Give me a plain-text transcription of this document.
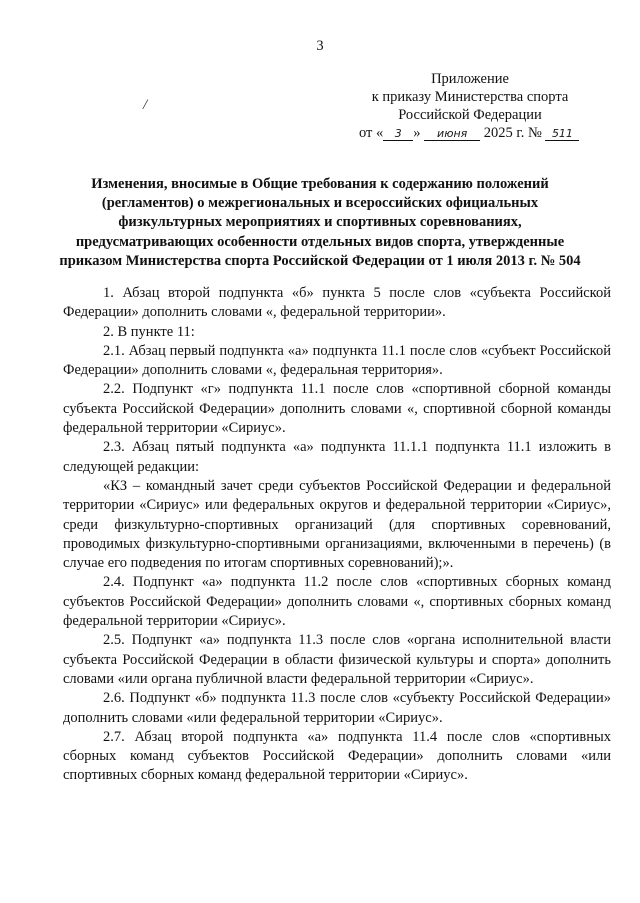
3
/
Приложение
к приказу Министерства спорта
Российской Федерации
от « 3 » июня 2025 г. № 511
Изменения, вносимые в Общие требования к содержанию положений
(регламентов) о межрегиональных и всероссийских официальных
физкультурных мероприятиях и спортивных соревнованиях,
предусматривающих особенности отдельных видов спорта, утвержденные
приказом Министерства спорта Российской Федерации от 1 июля 2013 г. № 504

1. Абзац второй подпункта «б» пункта 5 после слов «субъекта Российской Федерации» дополнить словами «, федеральной территории».

2. В пункте 11:

2.1. Абзац первый подпункта «а» подпункта 11.1 после слов «субъект Российской Федерации» дополнить словами «, федеральная территория».

2.2. Подпункт «г» подпункта 11.1 после слов «спортивной сборной команды субъекта Российской Федерации» дополнить словами «, спортивной сборной команды федеральной территории «Сириус».

2.3. Абзац пятый подпункта «а» подпункта 11.1.1 подпункта 11.1 изложить в следующей редакции:

«КЗ – командный зачет среди субъектов Российской Федерации и федеральной территории «Сириус» или федеральных округов и федеральной территории «Сириус», среди физкультурно-спортивных организаций (для спортивных соревнований, проводимых физкультурно-спортивными организациями, включенными в перечень) (в случае его подведения по итогам спортивных соревнований);».

2.4. Подпункт «а» подпункта 11.2 после слов «спортивных сборных команд субъектов Российской Федерации» дополнить словами «, спортивных сборных команд федеральной территории «Сириус».

2.5. Подпункт «а» подпункта 11.3 после слов «органа исполнительной власти субъекта Российской Федерации в области физической культуры и спорта» дополнить словами «или органа публичной власти федеральной территории «Сириус».

2.6. Подпункт «б» подпункта 11.3 после слов «субъекту Российской Федерации» дополнить словами «или федеральной территории «Сириус».

2.7. Абзац второй подпункта «а» подпункта 11.4 после слов «спортивных сборных команд субъектов Российской Федерации» дополнить словами «или спортивных сборных команд федеральной территории «Сириус».
